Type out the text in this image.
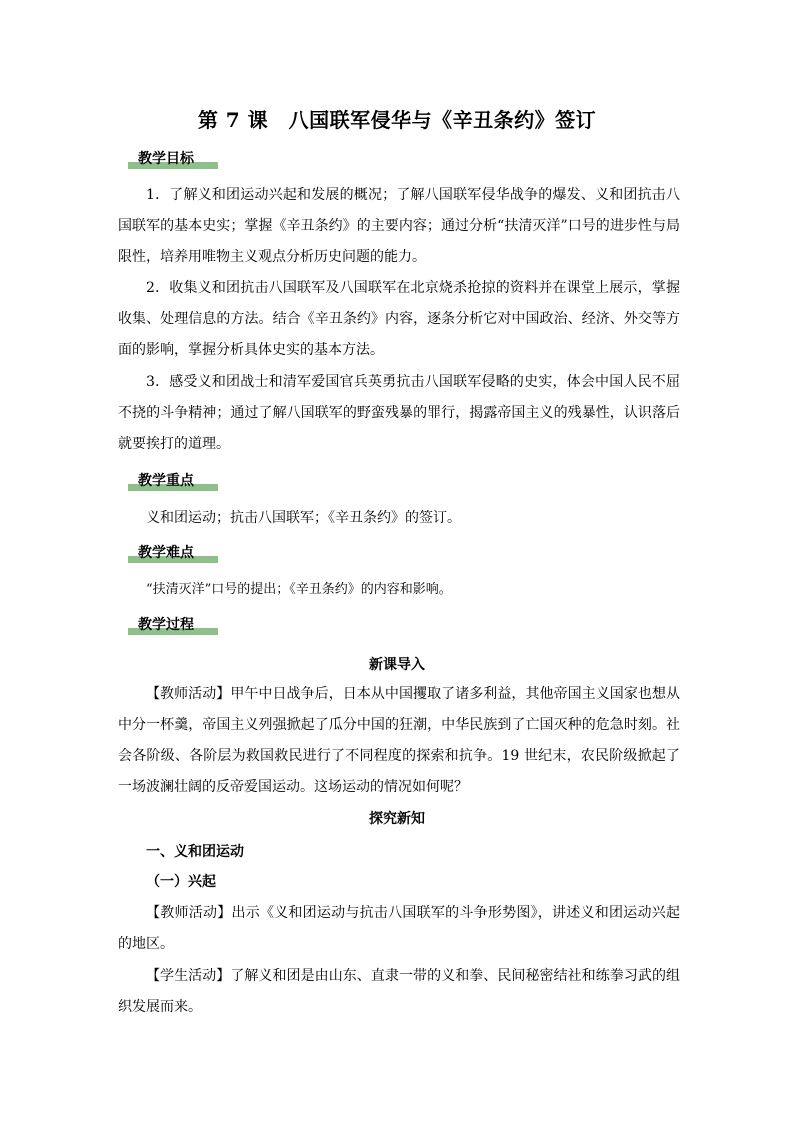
第 7 课　八国联军侵华与《辛丑条约》签订
教学目标
1．了解义和团运动兴起和发展的概况；了解八国联军侵华战争的爆发、义和团抗击八国联军的基本史实；掌握《辛丑条约》的主要内容；通过分析“扶清灭洋”口号的进步性与局限性，培养用唯物主义观点分析历史问题的能力。
2．收集义和团抗击八国联军及八国联军在北京烧杀抢掠的资料并在课堂上展示，掌握收集、处理信息的方法。结合《辛丑条约》内容，逐条分析它对中国政治、经济、外交等方面的影响，掌握分析具体史实的基本方法。
3．感受义和团战士和清军爱国官兵英勇抗击八国联军侵略的史实，体会中国人民不屈不挠的斗争精神；通过了解八国联军的野蛮残暴的罪行，揭露帝国主义的残暴性，认识落后就要挨打的道理。
教学重点
义和团运动；抗击八国联军；《辛丑条约》的签订。
教学难点
“扶清灭洋”口号的提出；《辛丑条约》的内容和影响。
教学过程
新课导入
【教师活动】甲午中日战争后，日本从中国攫取了诸多利益，其他帝国主义国家也想从中分一杯羹，帝国主义列强掀起了瓜分中国的狂潮，中华民族到了亡国灭种的危急时刻。社会各阶级、各阶层为救国救民进行了不同程度的探索和抗争。19 世纪末，农民阶级掀起了一场波澜壮阔的反帝爱国运动。这场运动的情况如何呢？
探究新知
一、义和团运动
（一）兴起
【教师活动】出示《义和团运动与抗击八国联军的斗争形势图》，讲述义和团运动兴起的地区。
【学生活动】了解义和团是由山东、直隶一带的义和拳、民间秘密结社和练拳习武的组织发展而来。
